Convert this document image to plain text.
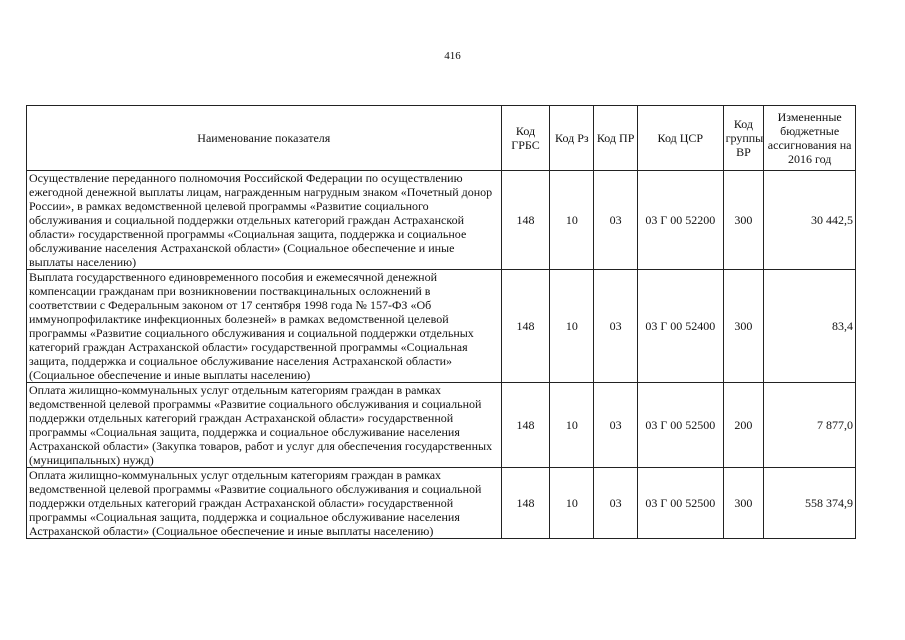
416
Наименование показателя	Код ГРБС	Код Рз	Код ПР	Код ЦСР	Код группы ВР	Измененные бюджетные ассигнования на 2016 год
Осуществление переданного полномочия Российской Федерации по осуществлению ежегодной денежной выплаты лицам, награжденным нагрудным знаком «Почетный донор России», в рамках ведомственной целевой программы «Развитие социального обслуживания и социальной поддержки отдельных категорий граждан Астраханской области» государственной программы «Социальная защита, поддержка и социальное обслуживание населения Астраханской области» (Социальное обеспечение и иные выплаты населению)	148	10	03	03 Г 00 52200	300	30 442,5
Выплата государственного единовременного пособия и ежемесячной денежной компенсации гражданам при возникновении поствакцинальных осложнений в соответствии с Федеральным законом от 17 сентября 1998 года № 157-ФЗ «Об иммунопрофилактике инфекционных болезней» в рамках ведомственной целевой программы «Развитие социального обслуживания и социальной поддержки отдельных категорий граждан Астраханской области» государственной программы «Социальная защита, поддержка и социальное обслуживание населения Астраханской области» (Социальное обеспечение и иные выплаты населению)	148	10	03	03 Г 00 52400	300	83,4
Оплата жилищно-коммунальных услуг отдельным категориям граждан в рамках ведомственной целевой программы «Развитие социального обслуживания и социальной поддержки отдельных категорий граждан Астраханской области» государственной программы «Социальная защита, поддержка и социальное обслуживание населения Астраханской области» (Закупка товаров, работ и услуг для обеспечения государственных (муниципальных) нужд)	148	10	03	03 Г 00 52500	200	7 877,0
Оплата жилищно-коммунальных услуг отдельным категориям граждан в рамках ведомственной целевой программы «Развитие социального обслуживания и социальной поддержки отдельных категорий граждан Астраханской области» государственной программы «Социальная защита, поддержка и социальное обслуживание населения Астраханской области» (Социальное обеспечение и иные выплаты населению)	148	10	03	03 Г 00 52500	300	558 374,9
